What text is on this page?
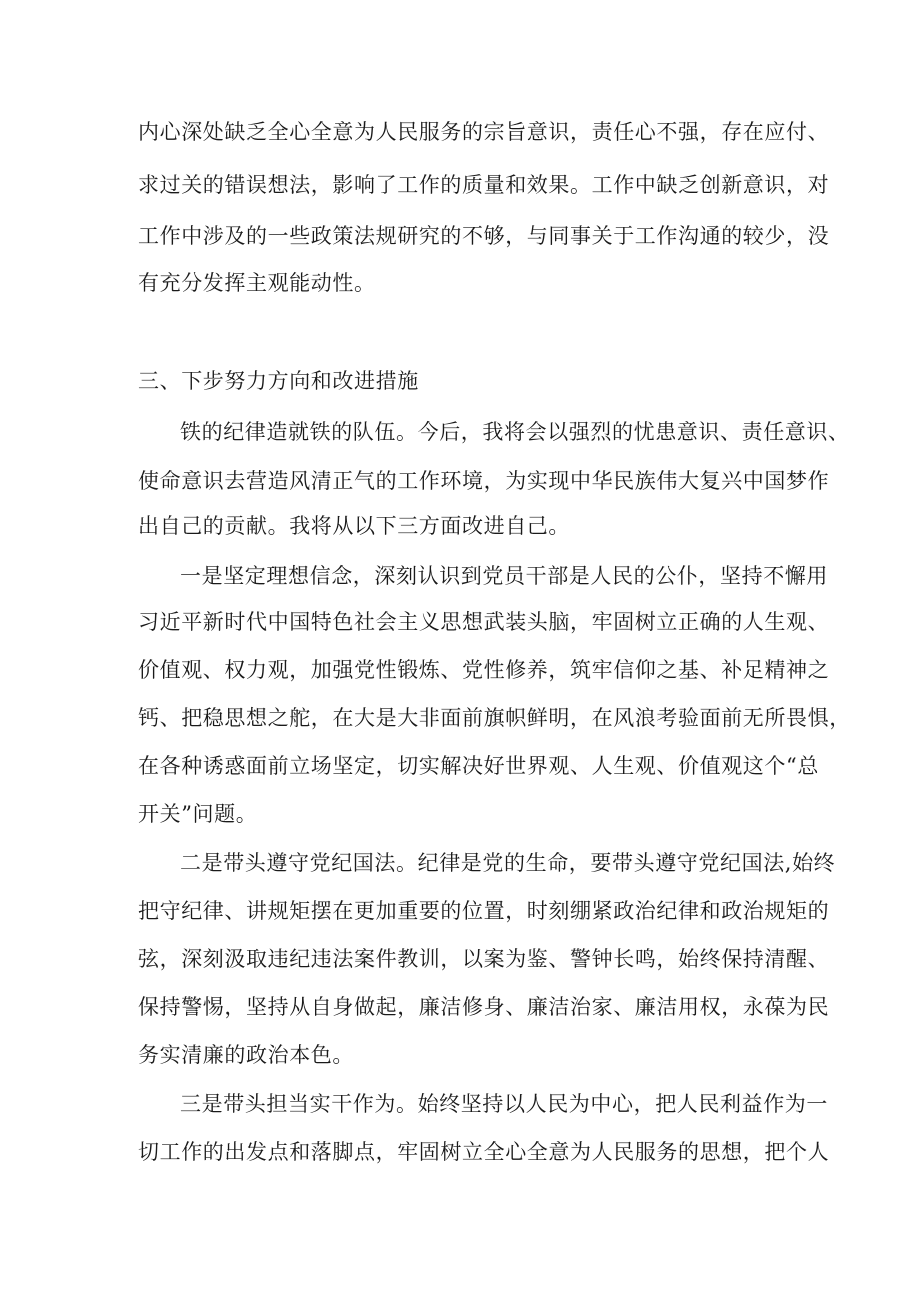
内心深处缺乏全心全意为人民服务的宗旨意识，责任心不强，存在应付、
求过关的错误想法，影响了工作的质量和效果。工作中缺乏创新意识，对
工作中涉及的一些政策法规研究的不够，与同事关于工作沟通的较少，没
有充分发挥主观能动性。
三、下步努力方向和改进措施
铁的纪律造就铁的队伍。今后，我将会以强烈的忧患意识、责任意识、
使命意识去营造风清正气的工作环境，为实现中华民族伟大复兴中国梦作
出自己的贡献。我将从以下三方面改进自己。
一是坚定理想信念，深刻认识到党员干部是人民的公仆，坚持不懈用
习近平新时代中国特色社会主义思想武装头脑，牢固树立正确的人生观、
价值观、权力观，加强党性锻炼、党性修养，筑牢信仰之基、补足精神之
钙、把稳思想之舵，在大是大非面前旗帜鲜明，在风浪考验面前无所畏惧，
在各种诱惑面前立场坚定，切实解决好世界观、人生观、价值观这个“总
开关”问题。
二是带头遵守党纪国法。纪律是党的生命，要带头遵守党纪国法,始终
把守纪律、讲规矩摆在更加重要的位置，时刻绷紧政治纪律和政治规矩的
弦，深刻汲取违纪违法案件教训，以案为鉴、警钟长鸣，始终保持清醒、
保持警惕，坚持从自身做起，廉洁修身、廉洁治家、廉洁用权，永葆为民
务实清廉的政治本色。
三是带头担当实干作为。始终坚持以人民为中心，把人民利益作为一
切工作的出发点和落脚点，牢固树立全心全意为人民服务的思想，把个人
